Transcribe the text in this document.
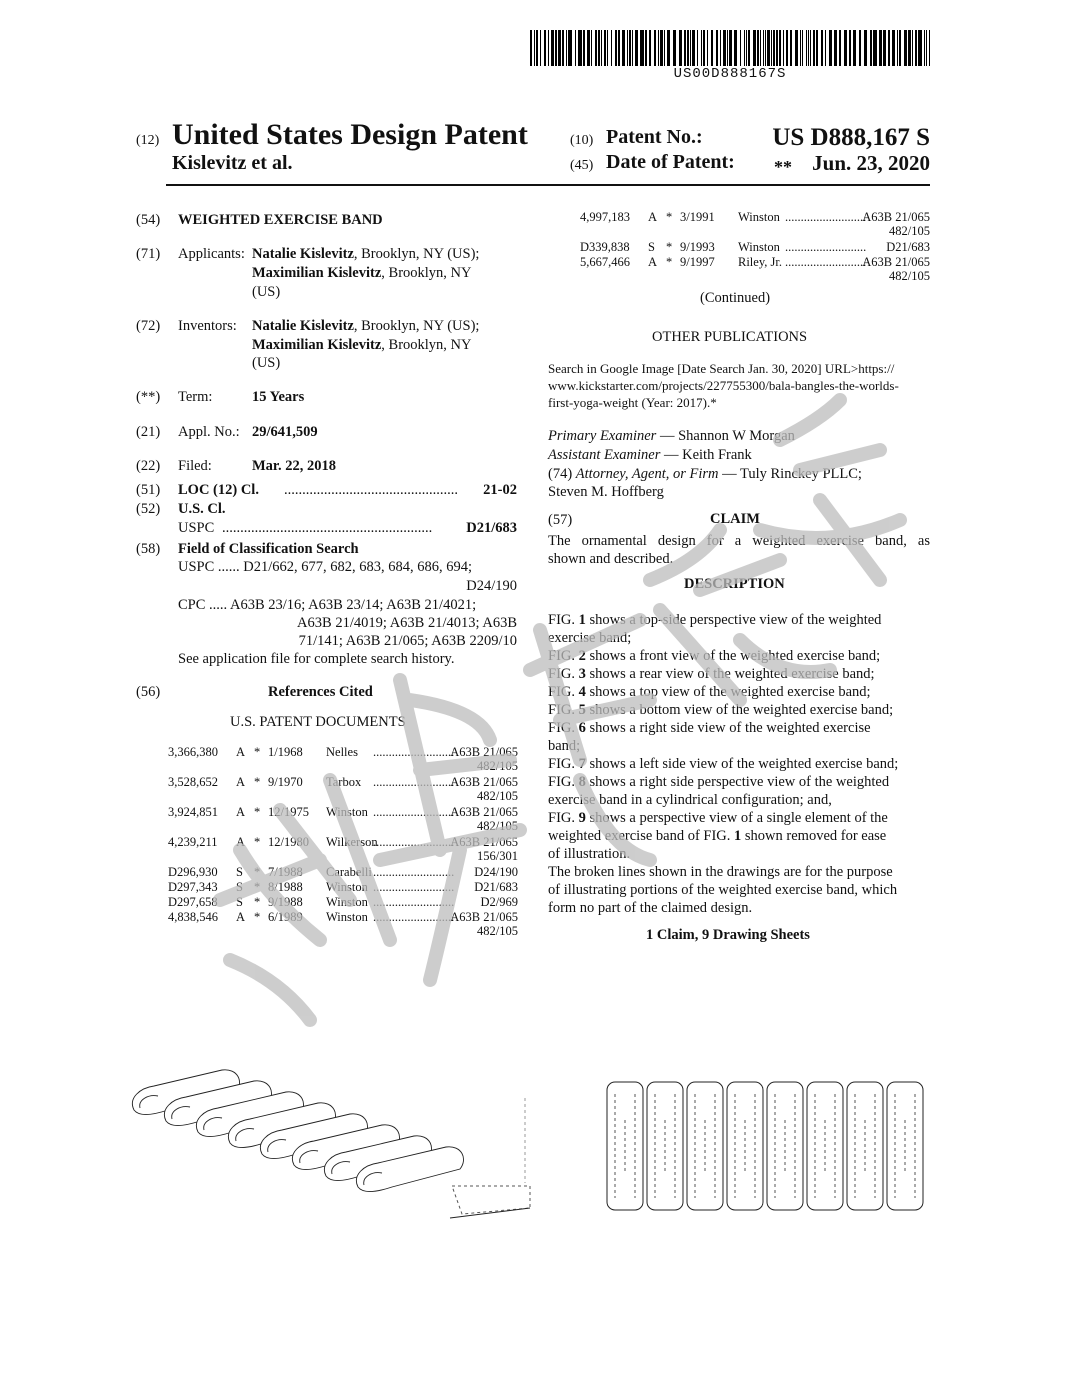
US00D888167S
(12) United States Design Patent
Kislevitz et al.
(10) Patent No.:	US D888,167 S
(45) Date of Patent: ** Jun. 23, 2020
(54) WEIGHTED EXERCISE BAND
(71) Applicants: Natalie Kislevitz, Brooklyn, NY (US);
Maximilian Kislevitz, Brooklyn, NY
(US)
(72) Inventors: Natalie Kislevitz, Brooklyn, NY (US);
Maximilian Kislevitz, Brooklyn, NY
(US)
(**) Term:	15 Years
(21) Appl. No.: 29/641,509
(22) Filed:	Mar. 22, 2018
(51) LOC (12) Cl. ................................................	21-02
(52) U.S. Cl.
USPC ..........................................................	D21/683
(58) Field of Classification Search
USPC ...... D21/662, 677, 682, 683, 684, 686, 694;
D24/190
CPC ..... A63B 23/16; A63B 23/14; A63B 21/4021;
A63B 21/4019; A63B 21/4013; A63B
71/141; A63B 21/065; A63B 2209/10
See application file for complete search history.
(56)	References Cited
U.S. PATENT DOCUMENTS
3,366,380 A * 1/1968 Nelles ..........................
A63B 21/065
482/105
3,528,652 A * 9/1970 Tarbox ..........................
A63B 21/065
482/105
3,924,851 A * 12/1975 Winston ..........................
A63B 21/065
482/105
4,239,211 A * 12/1980 Wilkerson
..........................
A63B 21/065
156/301
D296,930 S * 7/1988 Carabelli .......................... D24/190
D297,343 S * 8/1988 Winston .......................... D21/683
D297,658 S * 9/1988 Winston .......................... D2/969
4,838,546 A * 6/1989 Winston ..........................
A63B 21/065
482/105
4,997,183 A * 3/1991 Winston ..........................
A63B 21/065
482/105
D339,838 S * 9/1993 Winston .......................... D21/683
5,667,466 A * 9/1997 Riley, Jr. ..........................
A63B 21/065
482/105
(Continued)
OTHER PUBLICATIONS
Search in Google Image [Date Search Jan. 30, 2020] URL>https://
www.kickstarter.com/projects/227755300/bala-bangles-the-worlds-
first-yoga-weight (Year: 2017).*
Primary Examiner — Shannon W Morgan
Assistant Examiner — Keith Frank
(74) Attorney, Agent, or Firm — Tuly Rinckey PLLC;
Steven M. Hoffberg
(57)	CLAIM
The ornamental design for a weighted exercise band, as
shown and described.
DESCRIPTION
FIG. 1 shows a top-side perspective view of the weighted
exercise band;
FIG. 2 shows a front view of the weighted exercise band;
FIG. 3 shows a rear view of the weighted exercise band;
FIG. 4 shows a top view of the weighted exercise band;
FIG. 5 shows a bottom view of the weighted exercise band;
FIG. 6 shows a right side view of the weighted exercise
band;
FIG. 7 shows a left side view of the weighted exercise band;
FIG. 8 shows a right side perspective view of the weighted
exercise band in a cylindrical configuration; and,
FIG. 9 shows a perspective view of a single element of the
weighted exercise band of FIG. 1 shown removed for ease
of illustration.
The broken lines shown in the drawings are for the purpose
of illustrating portions of the weighted exercise band, which
form no part of the claimed design.
1 Claim, 9 Drawing Sheets
